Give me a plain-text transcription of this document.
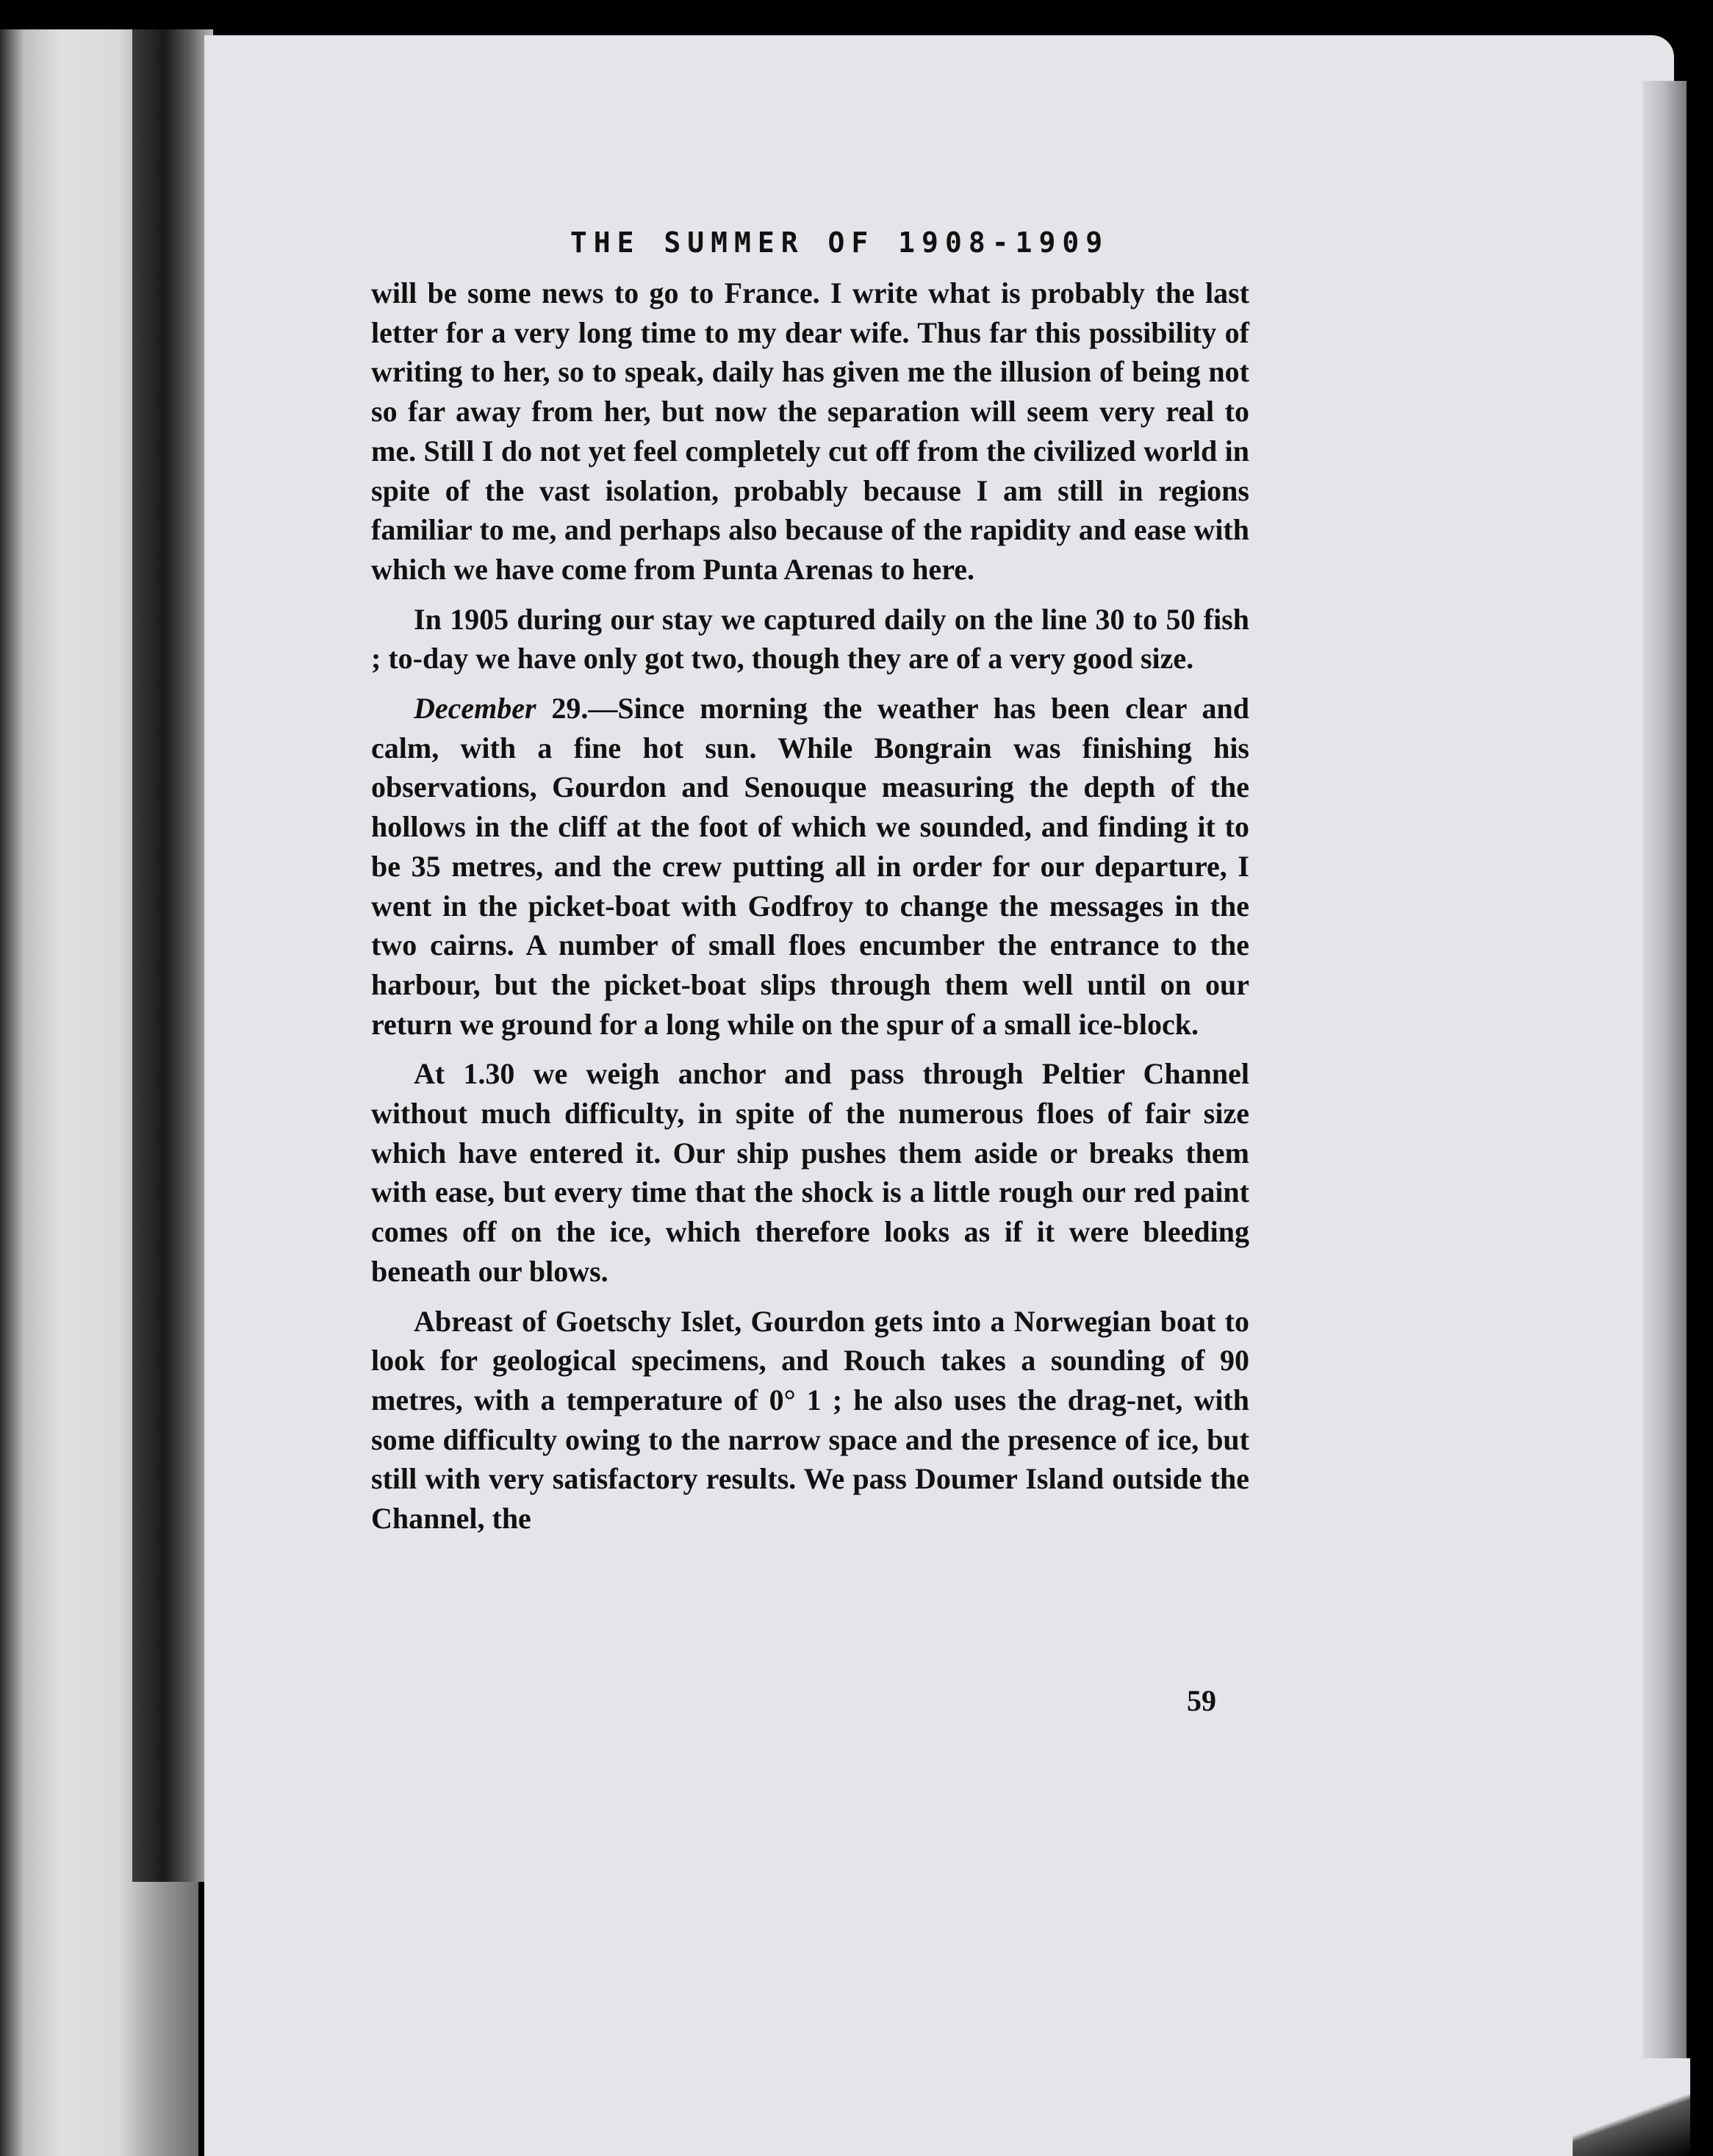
THE SUMMER OF 1908-1909

will be some news to go to France. I write what is probably the last letter for a very long time to my dear wife. Thus far this possibility of writing to her, so to speak, daily has given me the illusion of being not so far away from her, but now the separation will seem very real to me. Still I do not yet feel completely cut off from the civilized world in spite of the vast isolation, probably because I am still in regions familiar to me, and perhaps also because of the rapidity and ease with which we have come from Punta Arenas to here.

In 1905 during our stay we captured daily on the line 30 to 50 fish ; to-day we have only got two, though they are of a very good size.

December 29.—Since morning the weather has been clear and calm, with a fine hot sun. While Bongrain was finishing his observations, Gourdon and Senouque measuring the depth of the hollows in the cliff at the foot of which we sounded, and finding it to be 35 metres, and the crew putting all in order for our departure, I went in the picket-boat with Godfroy to change the messages in the two cairns. A number of small floes encumber the entrance to the harbour, but the picket-boat slips through them well until on our return we ground for a long while on the spur of a small ice-block.

At 1.30 we weigh anchor and pass through Peltier Channel without much difficulty, in spite of the numerous floes of fair size which have entered it. Our ship pushes them aside or breaks them with ease, but every time that the shock is a little rough our red paint comes off on the ice, which therefore looks as if it were bleeding beneath our blows.

Abreast of Goetschy Islet, Gourdon gets into a Norwegian boat to look for geological specimens, and Rouch takes a sounding of 90 metres, with a temperature of 0° 1 ; he also uses the drag-net, with some difficulty owing to the narrow space and the presence of ice, but still with very satisfactory results. We pass Doumer Island outside the Channel, the

59
